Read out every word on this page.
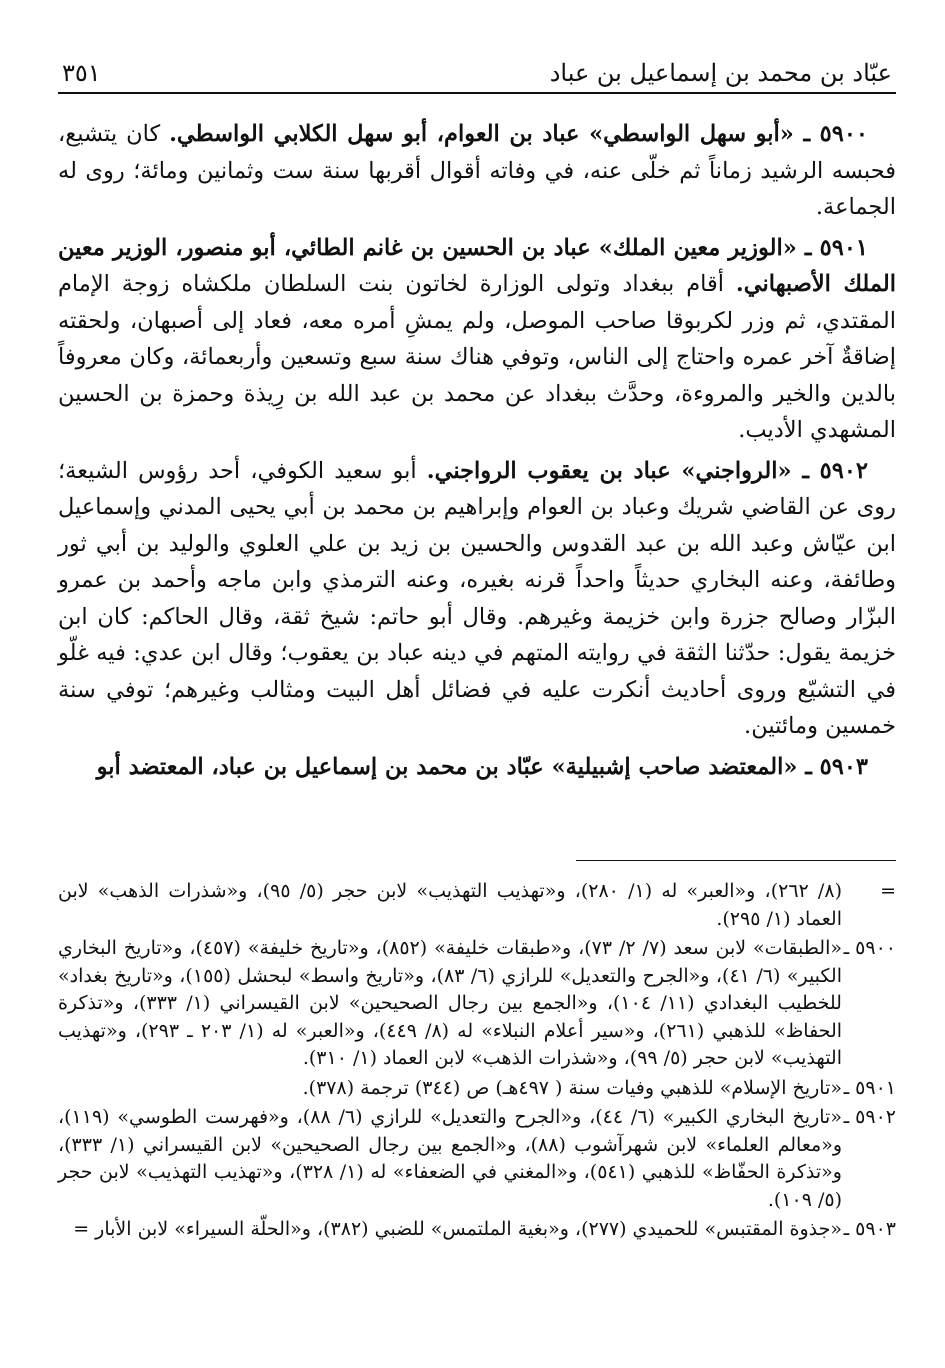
عبّاد بن محمد بن إسماعيل بن عباد
٣٥١

٥٩٠٠ ـ «أبو سهل الواسطي» عباد بن العوام، أبو سهل الكلابي الواسطي. كان يتشيع، فحبسه الرشيد زماناً ثم خلّى عنه، في وفاته أقوال أقربها سنة ست وثمانين ومائة؛ روى له الجماعة.

٥٩٠١ ـ «الوزير معين الملك» عباد بن الحسين بن غانم الطائي، أبو منصور، الوزير معين الملك الأصبهاني. أقام ببغداد وتولى الوزارة لخاتون بنت السلطان ملكشاه زوجة الإمام المقتدي، ثم وزر لكربوقا صاحب الموصل، ولم يمشِ أمره معه، فعاد إلى أصبهان، ولحقته إضاقةٌ آخر عمره واحتاج إلى الناس، وتوفي هناك سنة سبع وتسعين وأربعمائة، وكان معروفاً بالدين والخير والمروءة، وحدَّث ببغداد عن محمد بن عبد الله بن رِيذة وحمزة بن الحسين المشهدي الأديب.

٥٩٠٢ ـ «الرواجني» عباد بن يعقوب الرواجني. أبو سعيد الكوفي، أحد رؤوس الشيعة؛ روى عن القاضي شريك وعباد بن العوام وإبراهيم بن محمد بن أبي يحيى المدني وإسماعيل ابن عيّاش وعبد الله بن عبد القدوس والحسين بن زيد بن علي العلوي والوليد بن أبي ثور وطائفة، وعنه البخاري حديثاً واحداً قرنه بغيره، وعنه الترمذي وابن ماجه وأحمد بن عمرو البزّار وصالح جزرة وابن خزيمة وغيرهم. وقال أبو حاتم: شيخ ثقة، وقال الحاكم: كان ابن خزيمة يقول: حدّثنا الثقة في روايته المتهم في دينه عباد بن يعقوب؛ وقال ابن عدي: فيه غلّو في التشيّع وروى أحاديث أنكرت عليه في فضائل أهل البيت ومثالب وغيرهم؛ توفي سنة خمسين ومائتين.

٥٩٠٣ ـ «المعتضد صاحب إشبيلية» عبّاد بن محمد بن إسماعيل بن عباد، المعتضد أبو

=
(٨/ ٢٦٢)، و«العبر» له (١/ ٢٨٠)، و«تهذيب التهذيب» لابن حجر (٥/ ٩٥)، و«شذرات الذهب» لابن العماد (١/ ٢٩٥).
٥٩٠٠ ـ
«الطبقات» لابن سعد (٧/ ٢/ ٧٣)، و«طبقات خليفة» (٨٥٢)، و«تاريخ خليفة» (٤٥٧)، و«تاريخ البخاري الكبير» (٦/ ٤١)، و«الجرح والتعديل» للرازي (٦/ ٨٣)، و«تاريخ واسط» لبحشل (١٥٥)، و«تاريخ بغداد» للخطيب البغدادي (١١/ ١٠٤)، و«الجمع بين رجال الصحيحين» لابن القيسراني (١/ ٣٣٣)، و«تذكرة الحفاظ» للذهبي (٢٦١)، و«سير أعلام النبلاء» له (٨/ ٤٤٩)، و«العبر» له (١/ ٢٠٣ ـ ٢٩٣)، و«تهذيب التهذيب» لابن حجر (٥/ ٩٩)، و«شذرات الذهب» لابن العماد (١/ ٣١٠).
٥٩٠١ ـ
«تاريخ الإسلام» للذهبي وفيات سنة ( ٤٩٧هـ) ص (٣٤٤) ترجمة (٣٧٨).
٥٩٠٢ ـ
«تاريخ البخاري الكبير» (٦/ ٤٤)، و«الجرح والتعديل» للرازي (٦/ ٨٨)، و«فهرست الطوسي» (١١٩)، و«معالم العلماء» لابن شهرآشوب (٨٨)، و«الجمع بين رجال الصحيحين» لابن القيسراني (١/ ٣٣٣)، و«تذكرة الحفّاظ» للذهبي (٥٤١)، و«المغني في الضعفاء» له (١/ ٣٢٨)، و«تهذيب التهذيب» لابن حجر (٥/ ١٠٩).
٥٩٠٣ ـ
«جذوة المقتبس» للحميدي (٢٧٧)، و«بغية الملتمس» للضبي (٣٨٢)، و«الحلّة السيراء» لابن الأبار =
